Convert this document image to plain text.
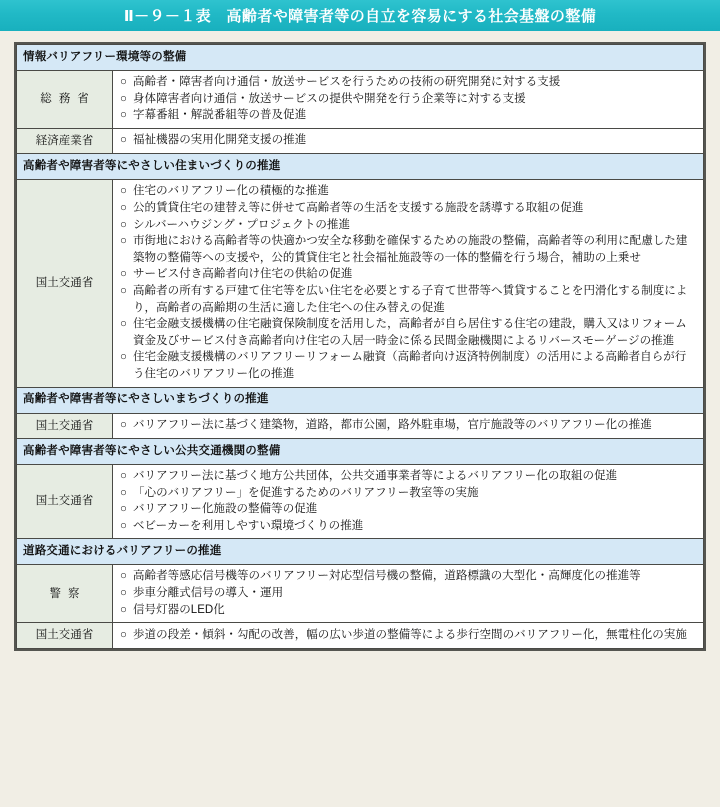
Ⅱ－９－１表　高齢者や障害者等の自立を容易にする社会基盤の整備
情報バリアフリー環境等の整備	
総務省	
○ 高齢者・障害者向け通信・放送サービスを行うための技術の研究開発に対する支援
○ 身体障害者向け通信・放送サービスの提供や開発を行う企業等に対する支援
○ 字幕番組・解説番組等の普及促進

経済産業省	○ 福祉機器の実用化開発支援の推進

高齢者や障害者等にやさしい住まいづくりの推進	
国土交通省	
○ 住宅のバリアフリー化の積極的な推進
○ 公的賃貸住宅の建替え等に併せて高齢者等の生活を支援する施設を誘導する取組の促進
○ シルバーハウジング・プロジェクトの推進
○ 市街地における高齢者等の快適かつ安全な移動を確保するための施設の整備，高齢者等の利用に配慮した建築物の整備等への支援や，公的賃貸住宅と社会福祉施設等の一体的整備を行う場合，補助の上乗せ
○ サービス付き高齢者向け住宅の供給の促進
○ 高齢者の所有する戸建て住宅等を広い住宅を必要とする子育て世帯等へ賃貸することを円滑化する制度により，高齢者の高齢期の生活に適した住宅への住み替えの促進
○ 住宅金融支援機構の住宅融資保険制度を活用した，高齢者が自ら居住する住宅の建設，購入又はリフォーム資金及びサービス付き高齢者向け住宅の入居一時金に係る民間金融機関によるリバースモーゲージの推進
○ 住宅金融支援機構のバリアフリーリフォーム融資（高齢者向け返済特例制度）の活用による高齢者自らが行う住宅のバリアフリー化の推進

高齢者や障害者等にやさしいまちづくりの推進	
国土交通省	○ バリアフリー法に基づく建築物，道路，都市公園，路外駐車場，官庁施設等のバリアフリー化の推進

高齢者や障害者等にやさしい公共交通機関の整備	
国土交通省	
○ バリアフリー法に基づく地方公共団体，公共交通事業者等によるバリアフリー化の取組の促進
○ 「心のバリアフリー」を促進するためのバリアフリー教室等の実施
○ バリアフリー化施設の整備等の促進
○ ベビーカーを利用しやすい環境づくりの推進

道路交通におけるバリアフリーの推進	
警察	
○ 高齢者等感応信号機等のバリアフリー対応型信号機の整備，道路標識の大型化・高輝度化の推進等
○ 歩車分離式信号の導入・運用
○ 信号灯器のLED化

国土交通省	○ 歩道の段差・傾斜・勾配の改善，幅の広い歩道の整備等による歩行空間のバリアフリー化，無電柱化の実施
